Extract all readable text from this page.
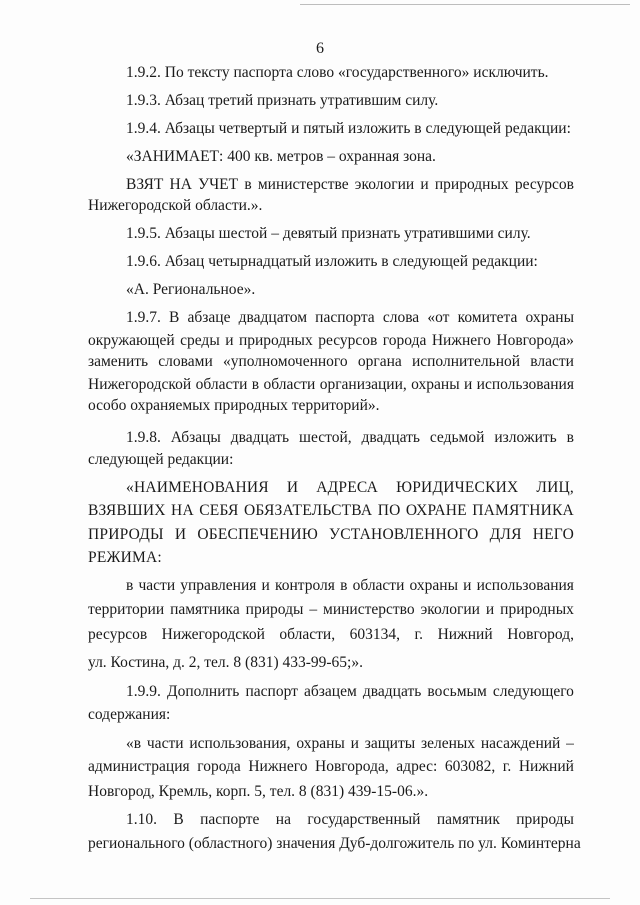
6
1.9.2. По тексту паспорта слово «государственного» исключить.
1.9.3. Абзац третий признать утратившим силу.
1.9.4. Абзацы четвертый и пятый изложить в следующей редакции:
«ЗАНИМАЕТ: 400 кв. метров – охранная зона.
ВЗЯТ НА УЧЕТ в министерстве экологии и природных ресурсов
Нижегородской области.».
1.9.5. Абзацы шестой – девятый признать утратившими силу.
1.9.6. Абзац четырнадцатый изложить в следующей редакции:
«А. Региональное».
1.9.7. В абзаце двадцатом паспорта слова «от комитета охраны
окружающей среды и природных ресурсов города Нижнего Новгорода»
заменить словами «уполномоченного органа исполнительной власти
Нижегородской области в области организации, охраны и использования
особо охраняемых природных территорий».
1.9.8. Абзацы двадцать шестой, двадцать седьмой изложить в
следующей редакции:
«НАИМЕНОВАНИЯ И АДРЕСА ЮРИДИЧЕСКИХ ЛИЦ,
ВЗЯВШИХ НА СЕБЯ ОБЯЗАТЕЛЬСТВА ПО ОХРАНЕ ПАМЯТНИКА
ПРИРОДЫ И ОБЕСПЕЧЕНИЮ УСТАНОВЛЕННОГО ДЛЯ НЕГО
РЕЖИМА:
в части управления и контроля в области охраны и использования
территории памятника природы – министерство экологии и природных
ресурсов Нижегородской области, 603134, г. Нижний Новгород,
ул. Костина, д. 2, тел. 8 (831) 433-99-65;».
1.9.9. Дополнить паспорт абзацем двадцать восьмым следующего
содержания:
«в части использования, охраны и защиты зеленых насаждений –
администрация города Нижнего Новгорода, адрес: 603082, г. Нижний
Новгород, Кремль, корп. 5, тел. 8 (831) 439-15-06.».
1.10. В паспорте на государственный памятник природы
регионального (областного) значения Дуб-долгожитель по ул. Коминтерна
